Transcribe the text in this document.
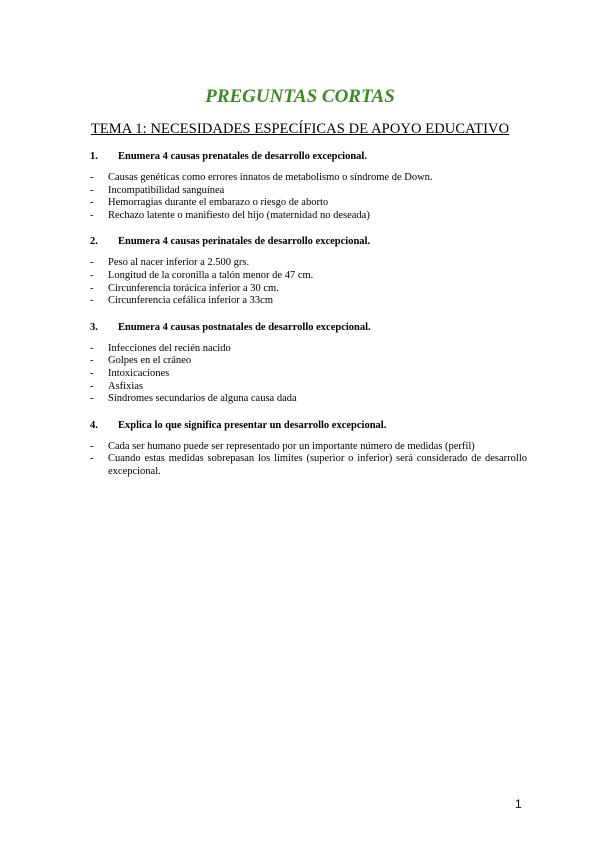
PREGUNTAS CORTAS
TEMA 1: NECESIDADES ESPECÍFICAS DE APOYO EDUCATIVO
1.	Enumera 4 causas prenatales de desarrollo excepcional.
-	Causas genéticas como errores innatos de metabolismo o síndrome de Down.
-	Incompatibilidad sanguínea
-	Hemorragias durante el embarazo o riesgo de aborto
-	Rechazo latente o manifiesto del hijo (maternidad no deseada)
2.	Enumera 4 causas perinatales de desarrollo excepcional.
-	Peso al nacer inferior a 2.500 grs.
-	Longitud de la coronilla a talón menor de 47 cm.
-	Circunferencia torácica inferior a 30 cm.
-	Circunferencia cefálica inferior a 33cm
3.	Enumera 4 causas postnatales de desarrollo excepcional.
-	Infecciones del recién nacido
-	Golpes en el cráneo
-	Intoxicaciones
-	Asfixias
-	Síndromes secundarios de alguna causa dada
4.	Explica lo que significa presentar un desarrollo excepcional.
-	Cada ser humano puede ser representado por un importante número de medidas (perfil)
-	Cuando estas medidas sobrepasan los límites (superior o inferior) será considerado de desarrollo excepcional.
1
